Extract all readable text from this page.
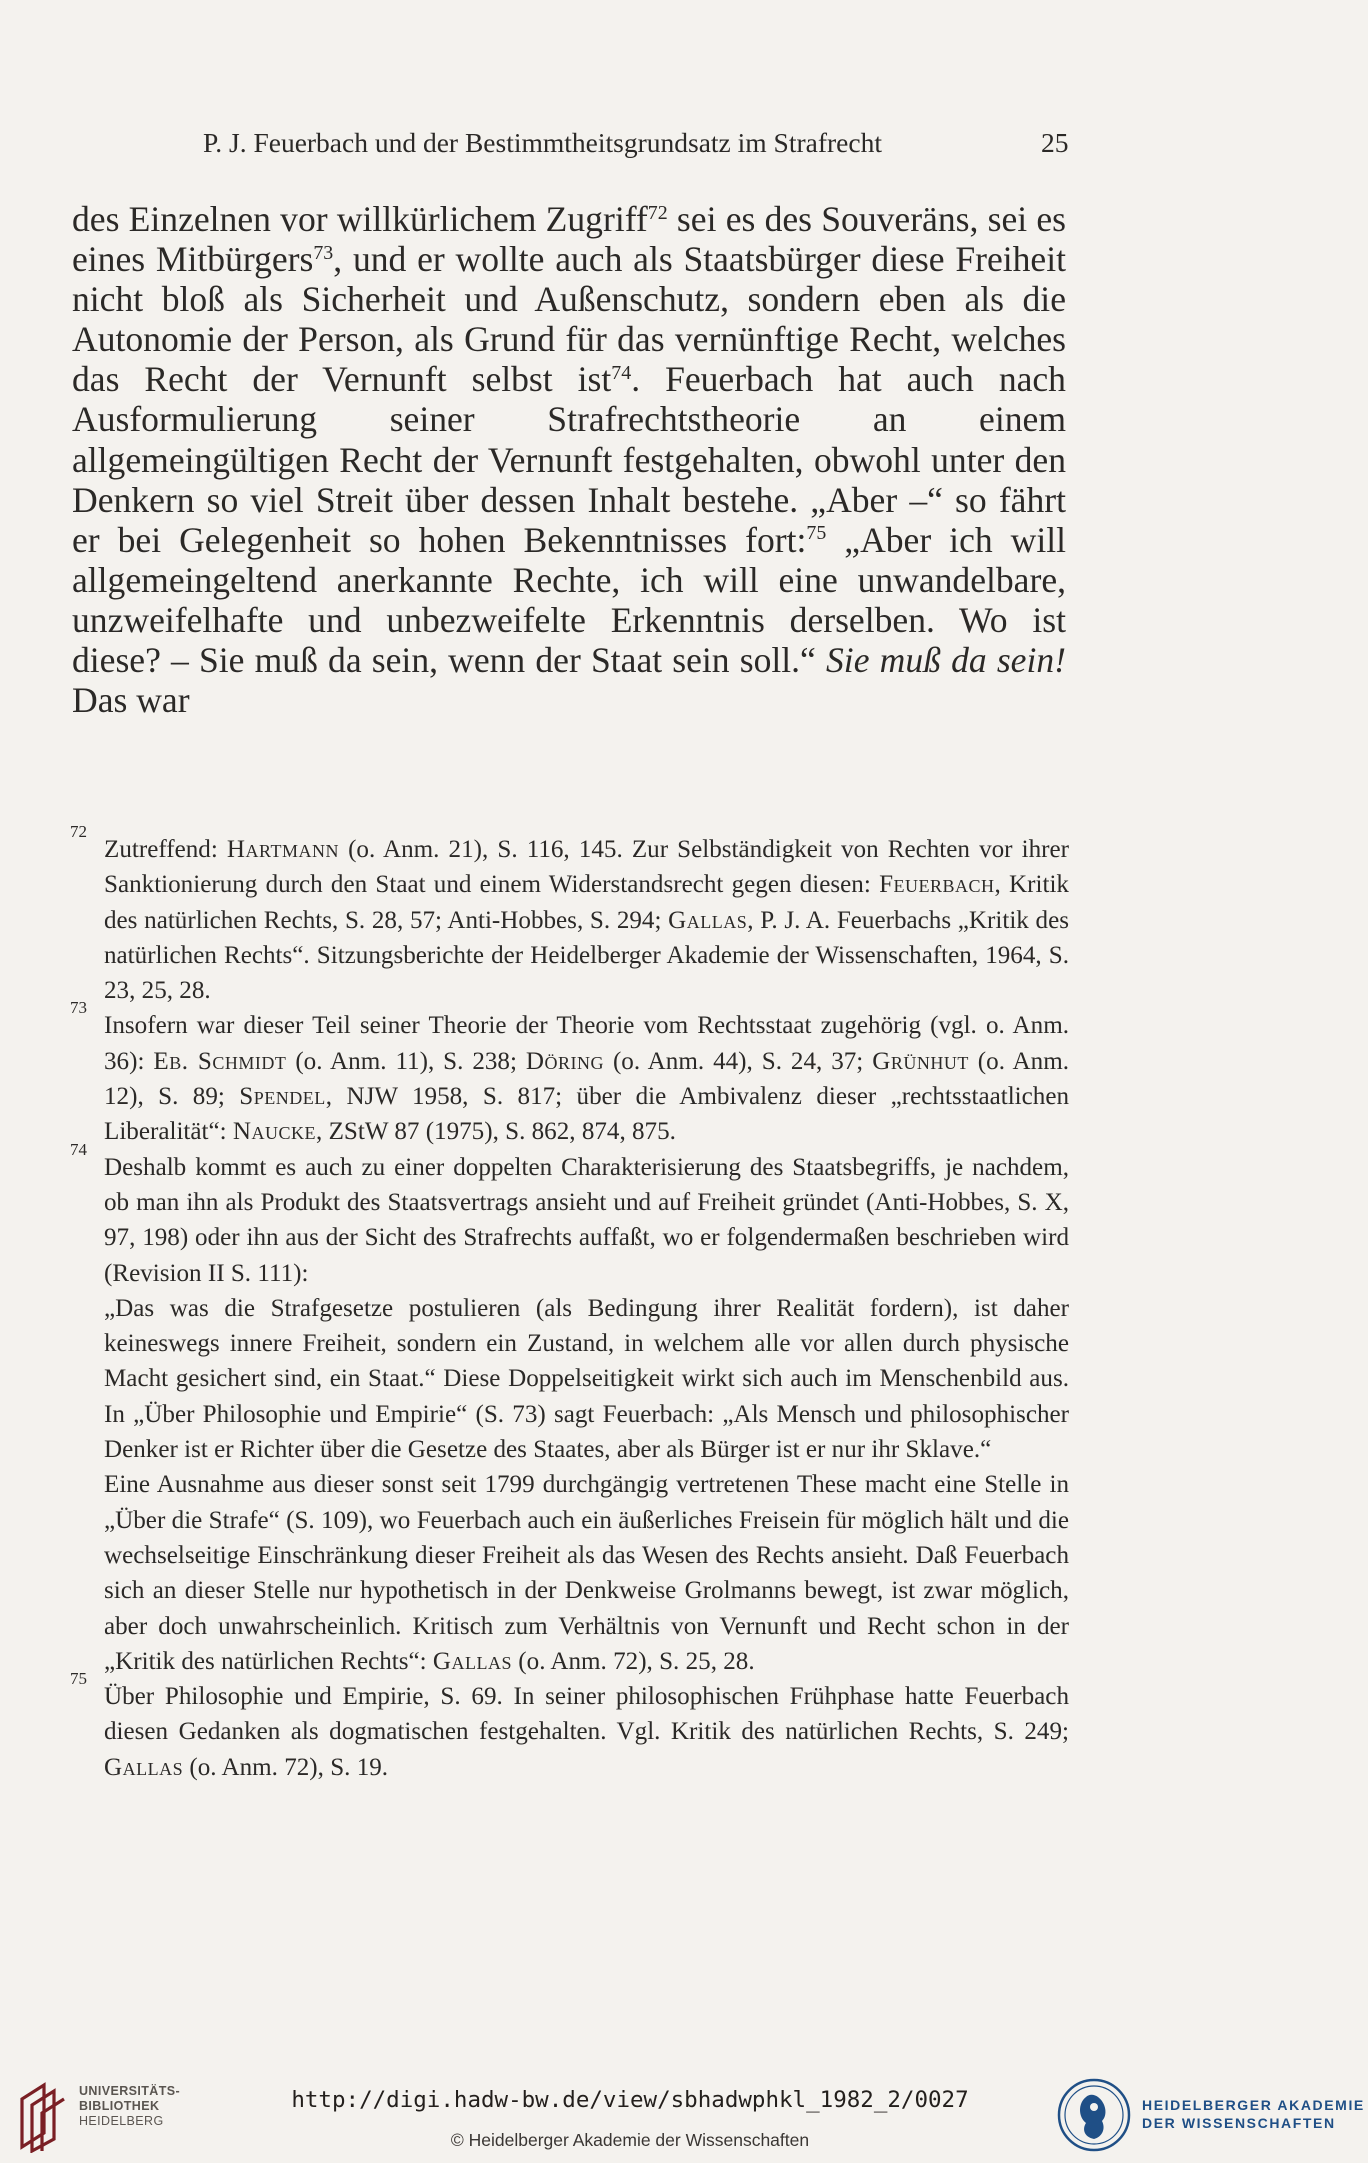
P. J. Feuerbach und der Bestimmtheitsgrundsatz im Strafrecht	25
des Einzelnen vor willkürlichem Zugriff$^{72}$ sei es des Souveräns, sei es eines Mitbürgers$^{73}$, und er wollte auch als Staatsbürger diese Freiheit nicht bloß als Sicherheit und Außenschutz, sondern eben als die Autonomie der Person, als Grund für das vernünftige Recht, welches das Recht der Vernunft selbst ist$^{74}$. Feuerbach hat auch nach Ausformulierung seiner Strafrechtstheorie an einem allgemeingültigen Recht der Vernunft festgehalten, obwohl unter den Denkern so viel Streit über dessen Inhalt bestehe. „Aber –“ so fährt er bei Gelegenheit so hohen Bekenntnisses fort:$^{75}$ „Aber ich will allgemeingeltend anerkannte Rechte, ich will eine unwandelbare, unzweifelhafte und unbezweifelte Erkenntnis derselben. Wo ist diese? – Sie muß da sein, wenn der Staat sein soll.“ Sie muß da sein! Das war
72

Zutreffend: Hartmann (o. Anm. 21), S. 116, 145. Zur Selbständigkeit von Rechten vor ihrer Sanktionierung durch den Staat und einem Widerstandsrecht gegen diesen: Feuerbach, Kritik des natürlichen Rechts, S. 28, 57; Anti-Hobbes, S. 294; Gallas, P. J. A. Feuerbachs „Kritik des natürlichen Rechts“. Sitzungsberichte der Heidelberger Akademie der Wissenschaften, 1964, S. 23, 25, 28.

73

Insofern war dieser Teil seiner Theorie der Theorie vom Rechtsstaat zugehörig (vgl. o. Anm. 36): Eb. Schmidt (o. Anm. 11), S. 238; Döring (o. Anm. 44), S. 24, 37; Grünhut (o. Anm. 12), S. 89; Spendel, NJW 1958, S. 817; über die Ambivalenz dieser „rechtsstaatlichen Liberalität“: Naucke, ZStW 87 (1975), S. 862, 874, 875.

74

Deshalb kommt es auch zu einer doppelten Charakterisierung des Staatsbegriffs, je nachdem, ob man ihn als Produkt des Staatsvertrags ansieht und auf Freiheit gründet (Anti-Hobbes, S. X, 97, 198) oder ihn aus der Sicht des Strafrechts auffaßt, wo er folgendermaßen beschrieben wird (Revision II S. 111):

„Das was die Strafgesetze postulieren (als Bedingung ihrer Realität fordern), ist daher keineswegs innere Freiheit, sondern ein Zustand, in welchem alle vor allen durch physische Macht gesichert sind, ein Staat.“ Diese Doppelseitigkeit wirkt sich auch im Menschenbild aus. In „Über Philosophie und Empirie“ (S. 73) sagt Feuerbach: „Als Mensch und philosophischer Denker ist er Richter über die Gesetze des Staates, aber als Bürger ist er nur ihr Sklave.“

Eine Ausnahme aus dieser sonst seit 1799 durchgängig vertretenen These macht eine Stelle in „Über die Strafe“ (S. 109), wo Feuerbach auch ein äußerliches Freisein für möglich hält und die wechselseitige Einschränkung dieser Freiheit als das Wesen des Rechts ansieht. Daß Feuerbach sich an dieser Stelle nur hypothetisch in der Denkweise Grolmanns bewegt, ist zwar möglich, aber doch unwahrscheinlich. Kritisch zum Verhältnis von Vernunft und Recht schon in der „Kritik des natürlichen Rechts“: Gallas (o. Anm. 72), S. 25, 28.

75

Über Philosophie und Empirie, S. 69. In seiner philosophischen Frühphase hatte Feuerbach diesen Gedanken als dogmatischen festgehalten. Vgl. Kritik des natürlichen Rechts, S. 249; Gallas (o. Anm. 72), S. 19.

UNIVERSITÄTS-
BIBLIOTHEK
HEIDELBERG
http://digi.hadw-bw.de/view/sbhadwphkl_1982_2/0027
© Heidelberger Akademie der Wissenschaften
HEIDELBERGER AKADEMIE
DER WISSENSCHAFTEN
